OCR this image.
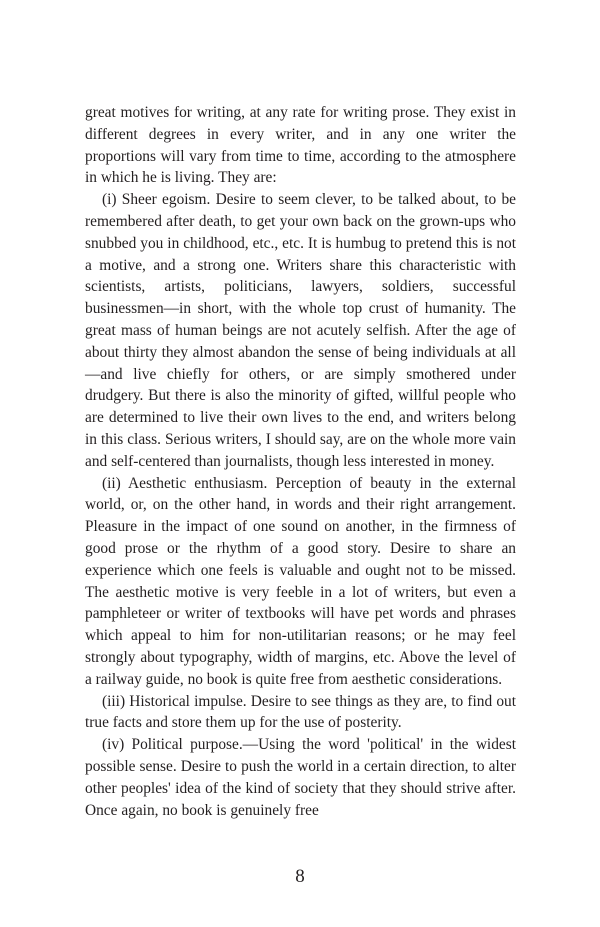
great motives for writing, at any rate for writing prose. They exist in different degrees in every writer, and in any one writer the proportions will vary from time to time, according to the atmosphere in which he is living. They are:

(i) Sheer egoism. Desire to seem clever, to be talked about, to be remembered after death, to get your own back on the grown-ups who snubbed you in childhood, etc., etc. It is humbug to pretend this is not a motive, and a strong one. Writers share this characteristic with scientists, artists, politicians, lawyers, soldiers, successful businessmen—in short, with the whole top crust of humanity. The great mass of human beings are not acutely selfish. After the age of about thirty they almost abandon the sense of being individuals at all—and live chiefly for others, or are simply smothered under drudgery. But there is also the minority of gifted, willful people who are determined to live their own lives to the end, and writers belong in this class. Serious writers, I should say, are on the whole more vain and self-centered than journalists, though less interested in money.

(ii) Aesthetic enthusiasm. Perception of beauty in the external world, or, on the other hand, in words and their right arrangement. Pleasure in the impact of one sound on another, in the firmness of good prose or the rhythm of a good story. Desire to share an experience which one feels is valuable and ought not to be missed. The aesthetic motive is very feeble in a lot of writers, but even a pamphleteer or writer of textbooks will have pet words and phrases which appeal to him for non-utilitarian reasons; or he may feel strongly about typography, width of margins, etc. Above the level of a railway guide, no book is quite free from aesthetic considerations.

(iii) Historical impulse. Desire to see things as they are, to find out true facts and store them up for the use of posterity.

(iv) Political purpose.—Using the word 'political' in the widest possible sense. Desire to push the world in a certain direction, to alter other peoples' idea of the kind of society that they should strive after. Once again, no book is genuinely free

8
